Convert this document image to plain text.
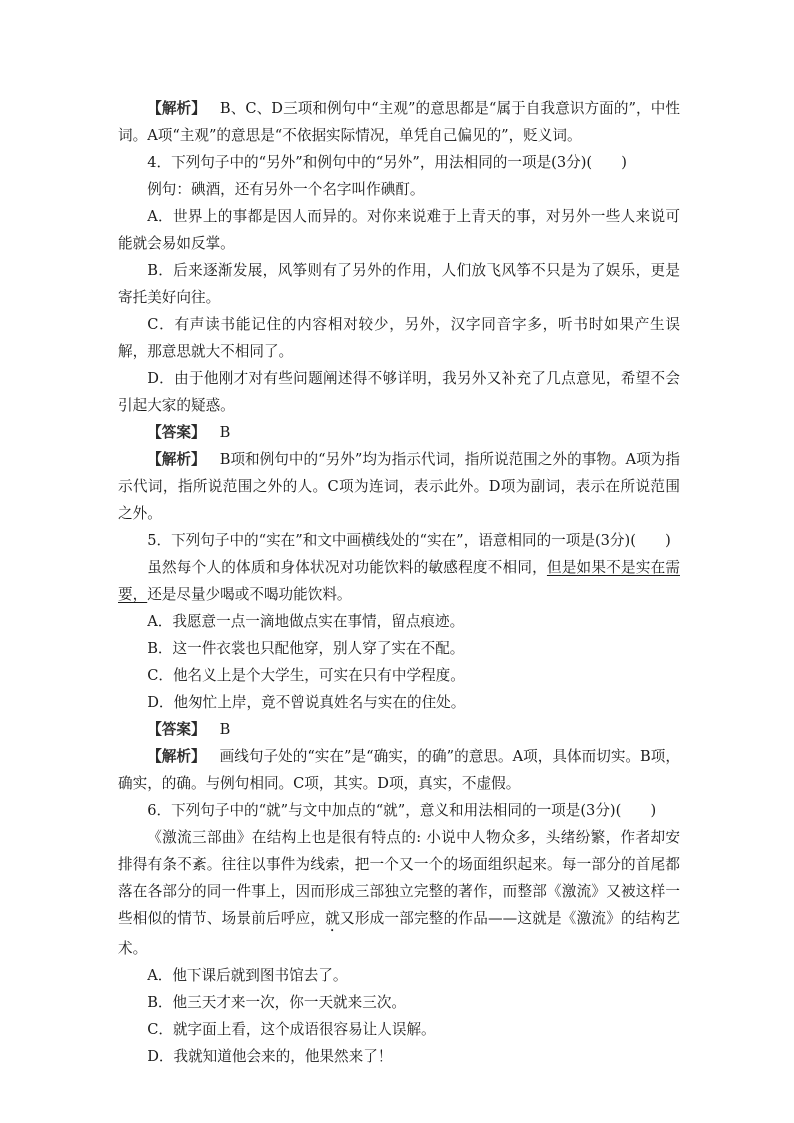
【解析】 B、C、D三项和例句中“主观”的意思都是“属于自我意识方面的”，中性词。A项“主观”的意思是“不依据实际情况，单凭自己偏见的”，贬义词。

4．下列句子中的“另外”和例句中的“另外”，用法相同的一项是(3分)(　　)

例句：碘酒，还有另外一个名字叫作碘酊。

A．世界上的事都是因人而异的。对你来说难于上青天的事，对另外一些人来说可能就会易如反掌。

B．后来逐渐发展，风筝则有了另外的作用，人们放飞风筝不只是为了娱乐，更是寄托美好向往。

C．有声读书能记住的内容相对较少，另外，汉字同音字多，听书时如果产生误解，那意思就大不相同了。

D．由于他刚才对有些问题阐述得不够详明，我另外又补充了几点意见，希望不会引起大家的疑惑。

【答案】 B

【解析】 B项和例句中的“另外”均为指示代词，指所说范围之外的事物。A项为指示代词，指所说范围之外的人。C项为连词，表示此外。D项为副词，表示在所说范围之外。

5．下列句子中的“实在”和文中画横线处的“实在”，语意相同的一项是(3分)(　　)

虽然每个人的体质和身体状况对功能饮料的敏感程度不相同，但是如果不是实在需要，还是尽量少喝或不喝功能饮料。

A．我愿意一点一滴地做点实在事情，留点痕迹。

B．这一件衣裳也只配他穿，别人穿了实在不配。

C．他名义上是个大学生，可实在只有中学程度。

D．他匆忙上岸，竟不曾说真姓名与实在的住处。

【答案】 B

【解析】 画线句子处的“实在”是“确实，的确”的意思。A项，具体而切实。B项，确实，的确。与例句相同。C项，其实。D项，真实，不虚假。

6．下列句子中的“就”与文中加点的“就”，意义和用法相同的一项是(3分)(　　)

《激流三部曲》在结构上也是很有特点的: 小说中人物众多，头绪纷繁，作者却安排得有条不紊。往往以事件为线索，把一个又一个的场面组织起来。每一部分的首尾都落在各部分的同一件事上，因而形成三部独立完整的著作，而整部《激流》又被这样一些相似的情节、场景前后呼应，就又形成一部完整的作品——这就是《激流》的结构艺术。

A．他下课后就到图书馆去了。

B．他三天才来一次，你一天就来三次。

C．就字面上看，这个成语很容易让人误解。

D．我就知道他会来的，他果然来了！
